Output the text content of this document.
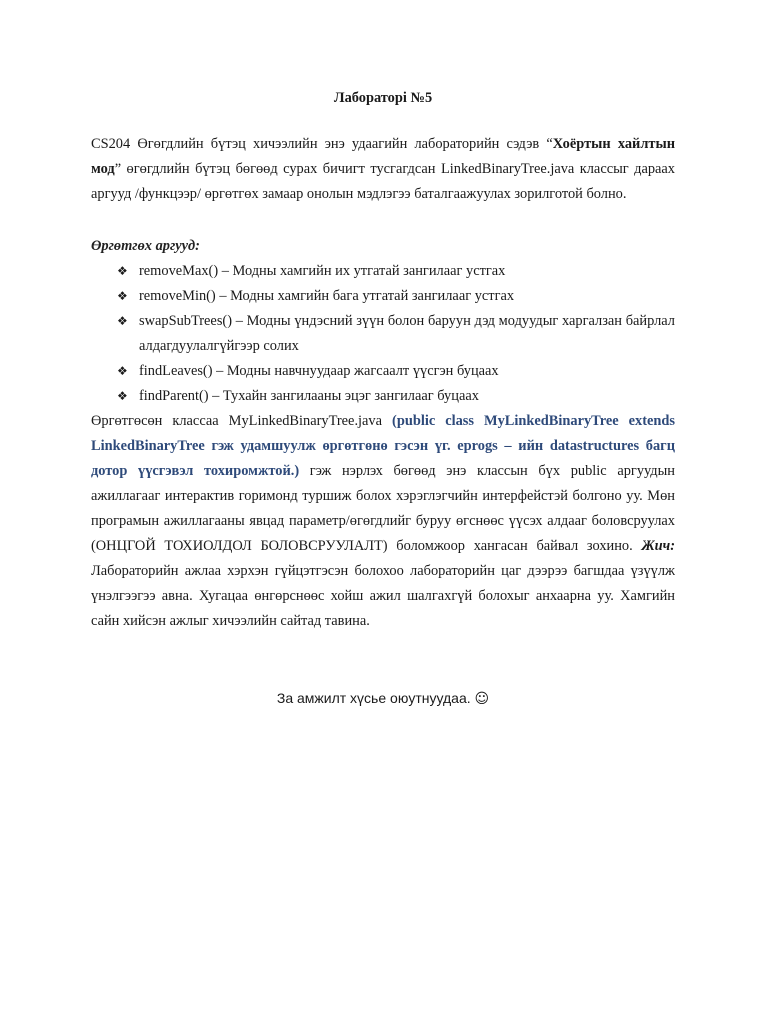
Лабораторi №5
CS204 Өгөгдлийн бүтэц хичээлийн энэ удаагийн лабораторийн сэдэв “Хоёртын хайлтын мод” өгөгдлийн бүтэц бөгөөд сурах бичигт тусгагдсан LinkedBinaryTree.java классыг дараах аргууд /функцээр/ өргөтгөх замаар онолын мэдлэгээ баталгаажуулах зорилготой болно.
Өргөтгөх аргууд:
❖ removeMax() – Модны хамгийн их утгатай зангилааг устгах
❖ removeMin() – Модны хамгийн бага утгатай зангилааг устгах
❖ swapSubTrees() – Модны үндэсний зүүн болон баруун дэд модуудыг харгалзан байрлал алдагдуулалгүйгээр солих
❖ findLeaves() – Модны навчнуудаар жагсаалт үүсгэн буцаах
❖ findParent() – Тухайн зангилааны эцэг зангилааг буцаах
Өргөтгөсөн классаа MyLinkedBinaryTree.java (public class MyLinkedBinaryTree extends LinkedBinaryTree гэж удамшуулж өргөтгөнө гэсэн үг. eprogs – ийн datastructures багц дотор үүсгэвэл тохиромжтой.) гэж нэрлэх бөгөөд энэ классын бүх public аргуудын ажиллагааг интерактив горимонд туршиж болох хэрэглэгчийн интерфейстэй болгоно уу. Мөн програмын ажиллагааны явцад параметр/өгөгдлийг буруу өгснөөс үүсэх алдааг боловсруулах (ОНЦГОЙ ТОХИОЛДОЛ БОЛОВСРУУЛАЛТ) боломжоор хангасан байвал зохино. Жич: Лабораторийн ажлаа хэрхэн гүйцэтгэсэн болохоо лабораторийн цаг дээрээ багшдаа үзүүлж үнэлгээгээ авна. Хугацаа өнгөрснөөс хойш ажил шалгахгүй болохыг анхаарна уу. Хамгийн сайн хийсэн ажлыг хичээлийн сайтад тавина.
За амжилт хүсье оюутнуудаа. ☺
